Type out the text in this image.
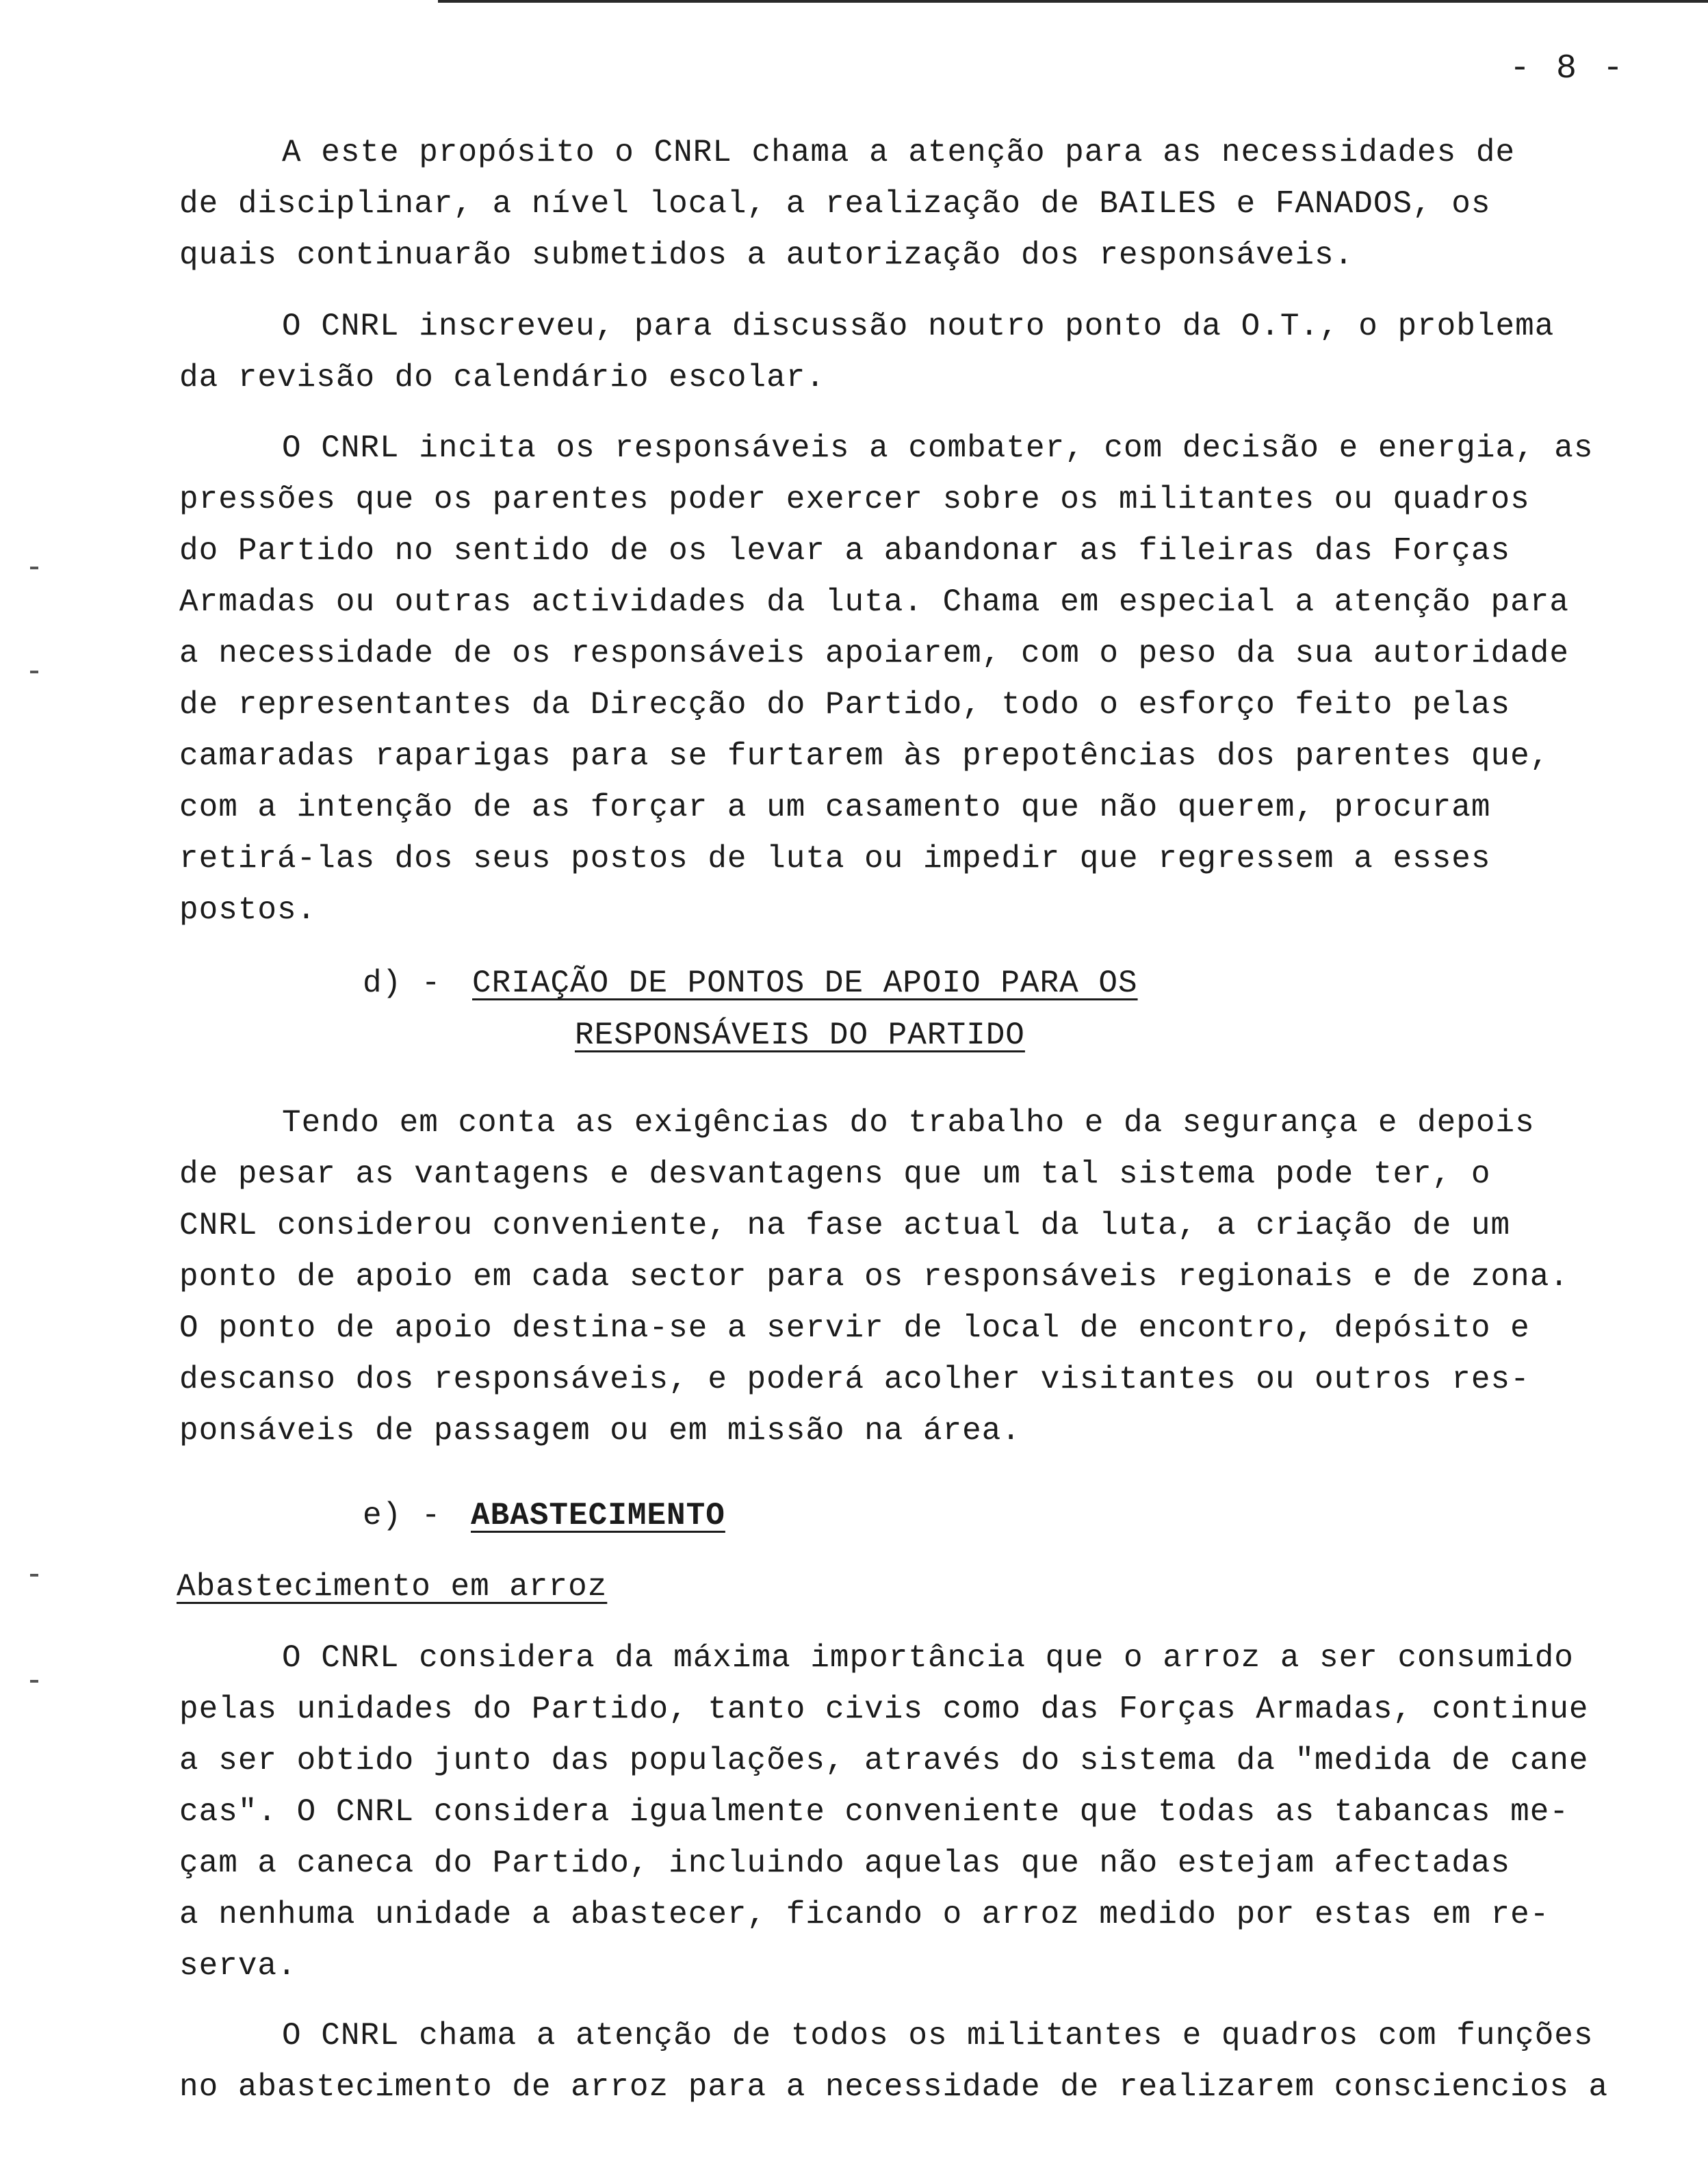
- 8 -
A este propósito o CNRL chama a atenção para as necessidades de
de disciplinar, a nível local, a realização de BAILES e FANADOS, os
quais continuarão submetidos a autorização dos responsáveis.
O CNRL inscreveu, para discussão noutro ponto da O.T., o problema
da revisão do calendário escolar.
O CNRL incita os responsáveis a combater, com decisão e energia, as
pressões que os parentes poder exercer sobre os militantes ou quadros
do Partido no sentido de os levar a abandonar as fileiras das Forças
Armadas ou outras actividades da luta. Chama em especial a atenção para
a necessidade de os responsáveis apoiarem, com o peso da sua autoridade
de representantes da Direcção do Partido, todo o esforço feito pelas
camaradas raparigas para se furtarem às prepotências dos parentes que,
com a intenção de as forçar a um casamento que não querem, procuram
retirá-las dos seus postos de luta ou impedir que regressem a esses
postos.
d) - CRIAÇÃO DE PONTOS DE APOIO PARA OS
RESPONSÁVEIS DO PARTIDO
Tendo em conta as exigências do trabalho e da segurança e depois
de pesar as vantagens e desvantagens que um tal sistema pode ter, o
CNRL considerou conveniente, na fase actual da luta, a criação de um
ponto de apoio em cada sector para os responsáveis regionais e de zona.
O ponto de apoio destina-se a servir de local de encontro, depósito e
descanso dos responsáveis, e poderá acolher visitantes ou outros res-
ponsáveis de passagem ou em missão na área.
e) - ABASTECIMENTO
Abastecimento em arroz
O CNRL considera da máxima importância que o arroz a ser consumido
pelas unidades do Partido, tanto civis como das Forças Armadas, continue
a ser obtido junto das populações, através do sistema da "medida de cane
cas". O CNRL considera igualmente conveniente que todas as tabancas me-
çam a caneca do Partido, incluindo aquelas que não estejam afectadas
a nenhuma unidade a abastecer, ficando o arroz medido por estas em re-
serva.
O CNRL chama a atenção de todos os militantes e quadros com funções
no abastecimento de arroz para a necessidade de realizarem consciencios a
